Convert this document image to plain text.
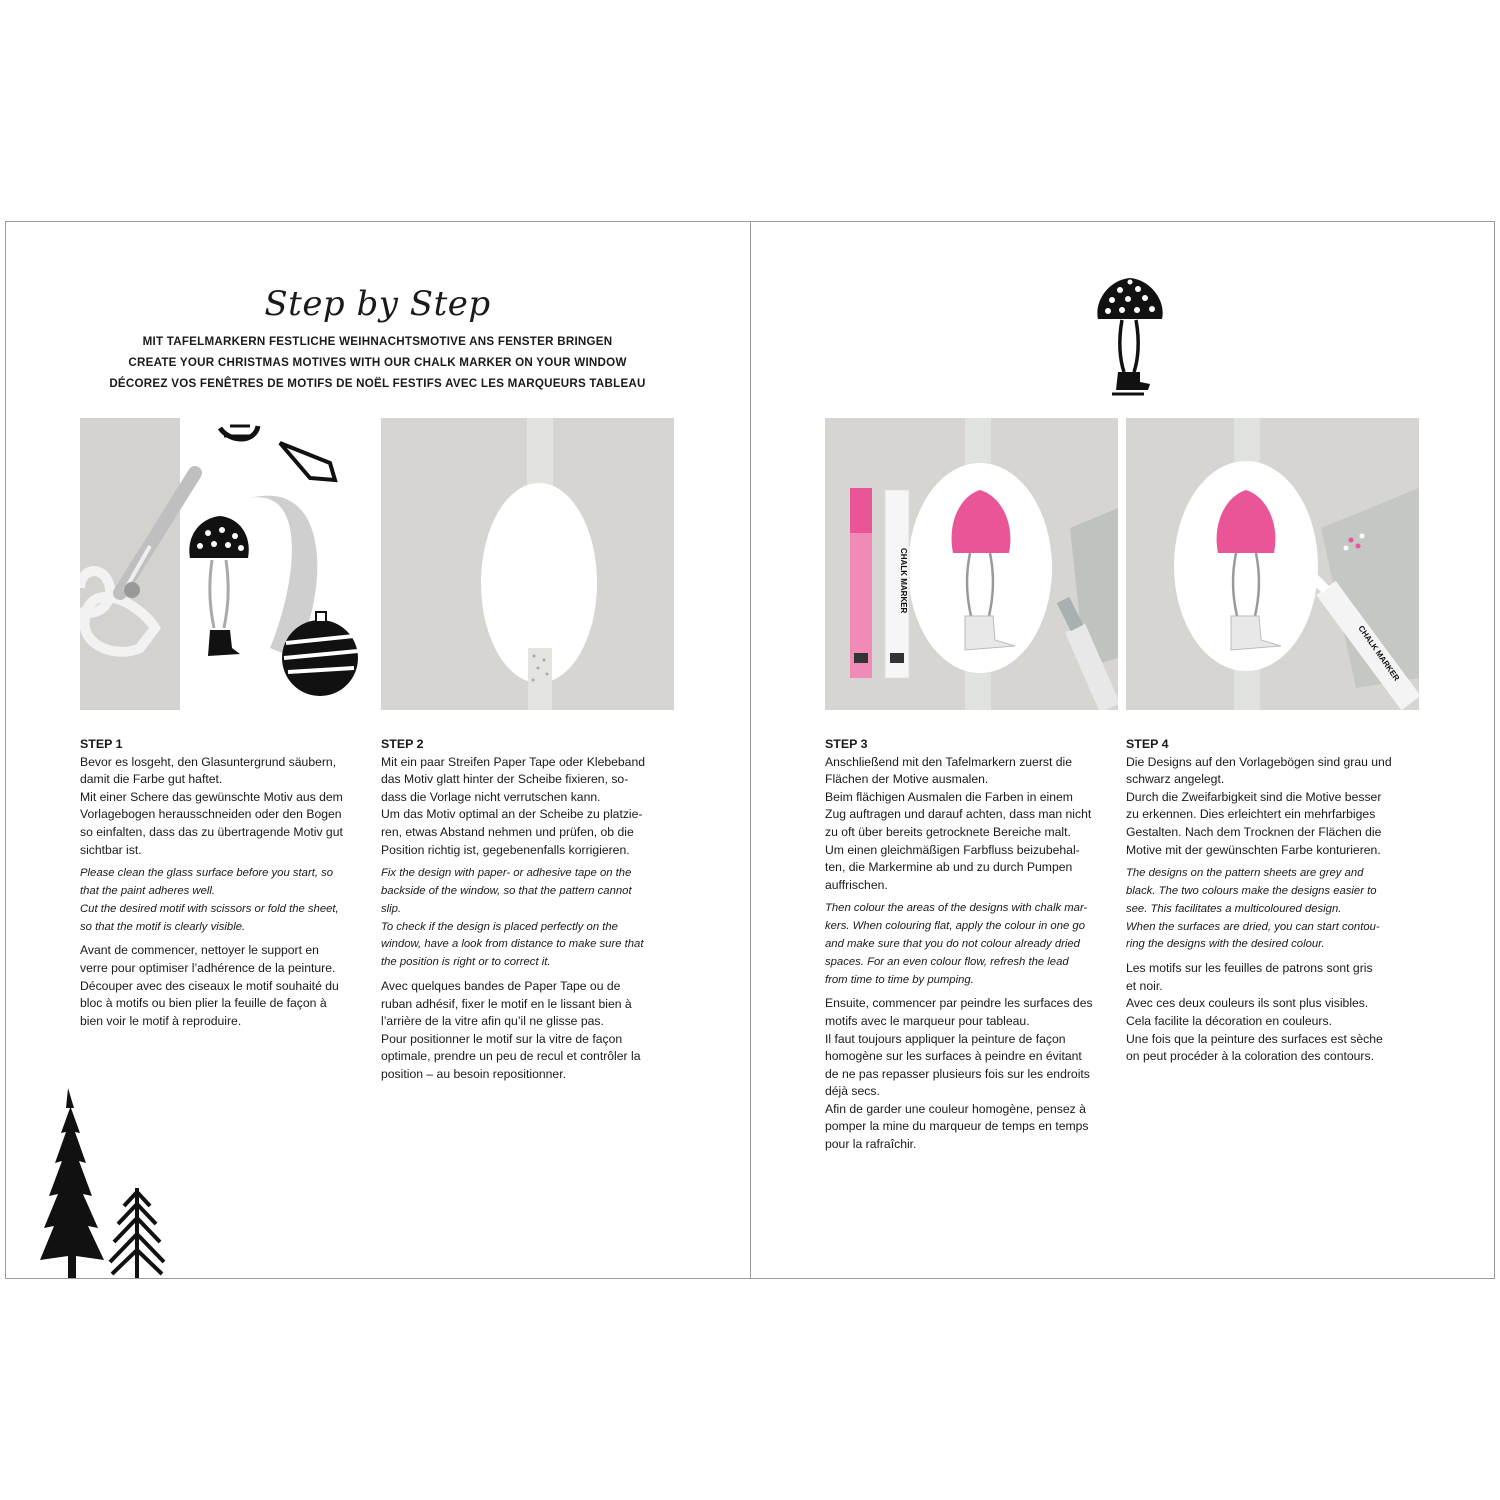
Step by Step
MIT TAFELMARKERN FESTLICHE WEIHNACHTSMOTIVE ANS FENSTER BRINGEN
CREATE YOUR CHRISTMAS MOTIVES WITH OUR CHALK MARKER ON YOUR WINDOW
DÉCOREZ VOS FENÊTRES DE MOTIFS DE NOËL FESTIFS AVEC LES MARQUEURS TABLEAU
CHALK MARKER
CHALK MARKER
STEP 1

Bevor es losgeht, den Glasuntergrund säubern,
damit die Farbe gut haftet.
Mit einer Schere das gewünschte Motiv aus dem
Vorlagebogen herausschneiden oder den Bogen
so einfalten, dass das zu übertragende Motiv gut
sichtbar ist.

Please clean the glass surface before you start, so
that the paint adheres well.
Cut the desired motif with scissors or fold the sheet,
so that the motif is clearly visible.

Avant de commencer, nettoyer le support en
verre pour optimiser l’adhérence de la peinture.
Découper avec des ciseaux le motif souhaité du
bloc à motifs ou bien plier la feuille de façon à
bien voir le motif à reproduire.

STEP 2

Mit ein paar Streifen Paper Tape oder Klebeband
das Motiv glatt hinter der Scheibe fixieren, so-
dass die Vorlage nicht verrutschen kann.
Um das Motiv optimal an der Scheibe zu platzie-
ren, etwas Abstand nehmen und prüfen, ob die
Position richtig ist, gegebenenfalls korrigieren.

Fix the design with paper- or adhesive tape on the
backside of the window, so that the pattern cannot
slip.
To check if the design is placed perfectly on the
window, have a look from distance to make sure that
the position is right or to correct it.

Avec quelques bandes de Paper Tape ou de
ruban adhésif, fixer le motif en le lissant bien à
l’arrière de la vitre afin qu’il ne glisse pas.
Pour positionner le motif sur la vitre de façon
optimale, prendre un peu de recul et contrôler la
position – au besoin repositionner.

STEP 3

Anschließend mit den Tafelmarkern zuerst die
Flächen der Motive ausmalen.
Beim flächigen Ausmalen die Farben in einem
Zug auftragen und darauf achten, dass man nicht
zu oft über bereits getrocknete Bereiche malt.
Um einen gleichmäßigen Farbfluss beizubehal-
ten, die Markermine ab und zu durch Pumpen
auffrischen.

Then colour the areas of the designs with chalk mar-
kers. When colouring flat, apply the colour in one go
and make sure that you do not colour already dried
spaces. For an even colour flow, refresh the lead
from time to time by pumping.

Ensuite, commencer par peindre les surfaces des
motifs avec le marqueur pour tableau.
Il faut toujours appliquer la peinture de façon
homogène sur les surfaces à peindre en évitant
de ne pas repasser plusieurs fois sur les endroits
déjà secs.
Afin de garder une couleur homogène, pensez à
pomper la mine du marqueur de temps en temps
pour la rafraîchir.

STEP 4

Die Designs auf den Vorlagebögen sind grau und
schwarz angelegt.
Durch die Zweifarbigkeit sind die Motive besser
zu erkennen. Dies erleichtert ein mehrfarbiges
Gestalten. Nach dem Trocknen der Flächen die
Motive mit der gewünschten Farbe konturieren.

The designs on the pattern sheets are grey and
black. The two colours make the designs easier to
see. This facilitates a multicoloured design.
When the surfaces are dried, you can start contou-
ring the designs with the desired colour.

Les motifs sur les feuilles de patrons sont gris
et noir.
Avec ces deux couleurs ils sont plus visibles.
Cela facilite la décoration en couleurs.
Une fois que la peinture des surfaces est sèche
on peut procéder à la coloration des contours.
